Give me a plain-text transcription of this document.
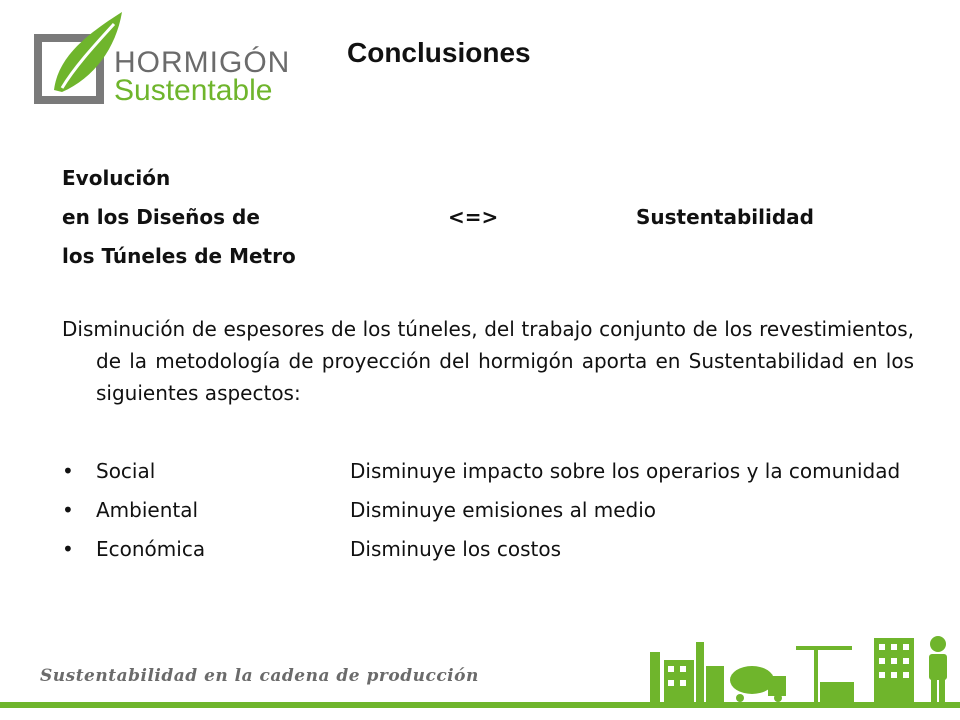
HORMIGÓN
Sustentable
Conclusiones
Evolución
en los Diseños de
los Túneles de Metro
<=>	Sustentabilidad
Disminución de espesores de los túneles, del trabajo conjunto de los revestimientos, de la metodología de proyección del hormigón aporta en Sustentabilidad en los siguientes aspectos:
• Social	Disminuye impacto sobre los operarios y la comunidad
• Ambiental	Disminuye emisiones al medio
• Económica	Disminuye los costos
Sustentabilidad en la cadena de producción
